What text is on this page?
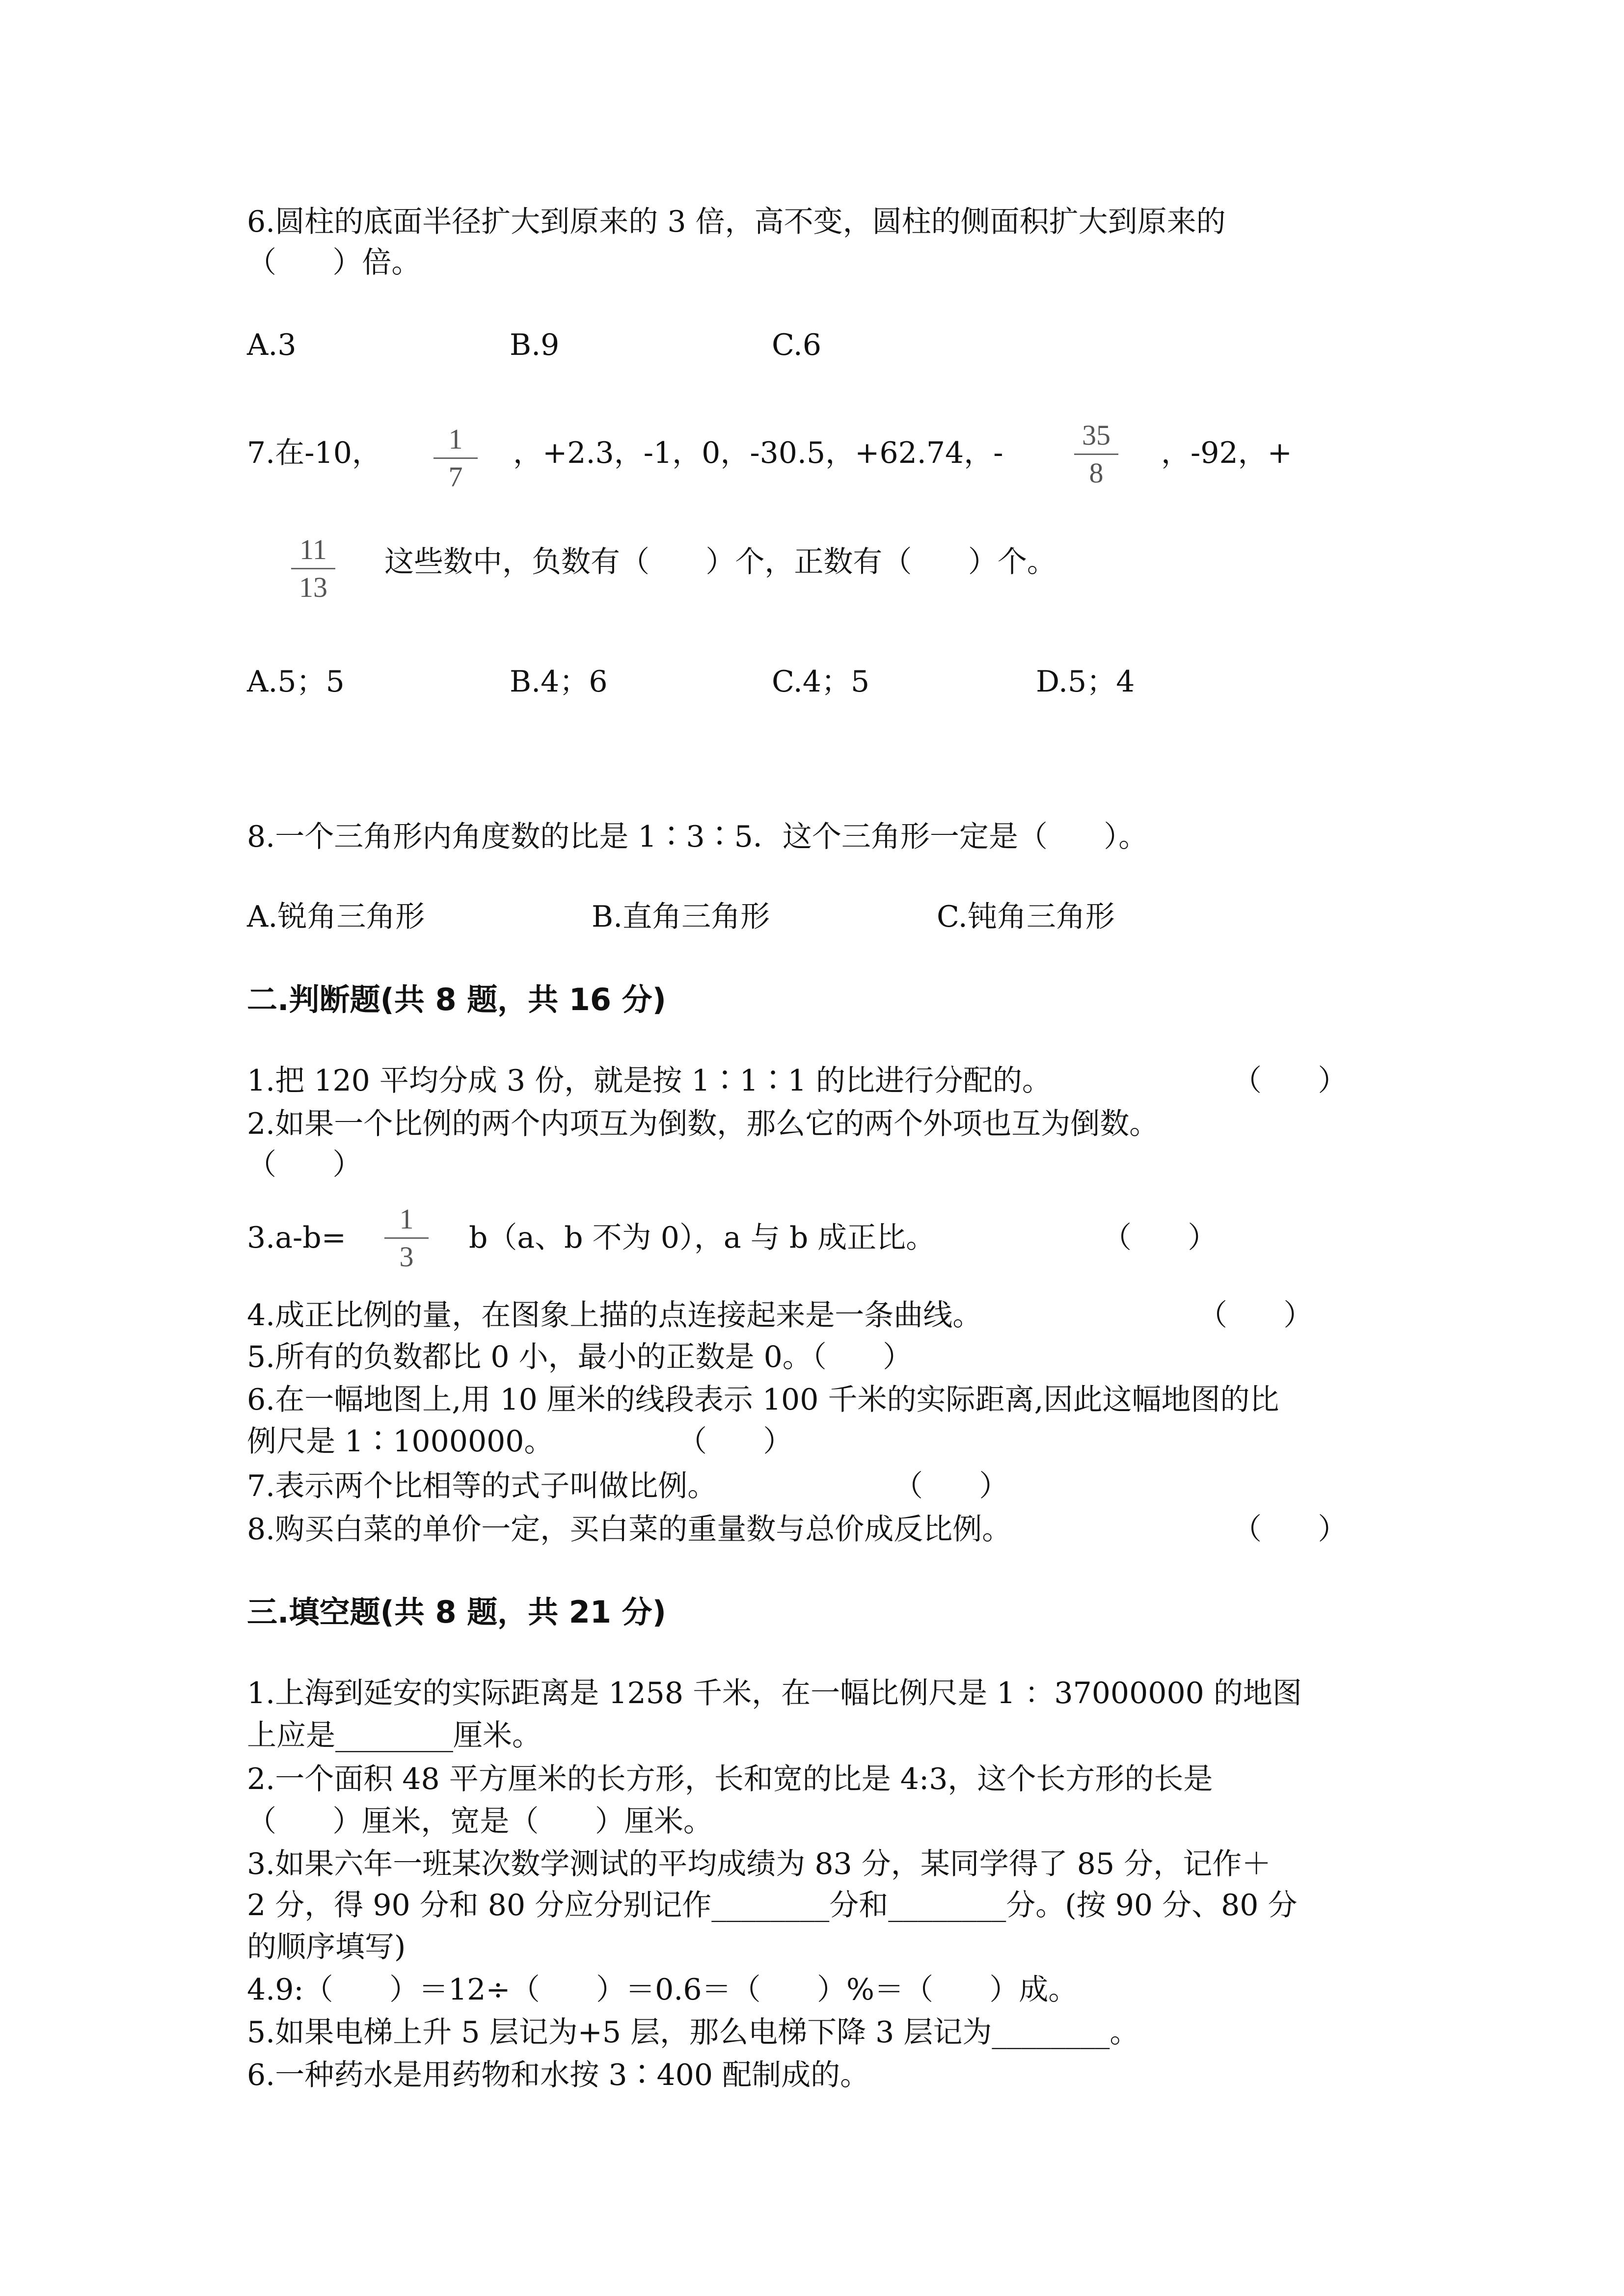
6.圆柱的底面半径扩大到原来的 3 倍，高不变，圆柱的侧面积扩大到原来的
（      ）倍。
A.3	B.9	C.6
7.在-10，	1
7
，+2.3，-1，0，-30.5，+62.74，-
35
8
，-92，+
11
13
这些数中，负数有（      ）个，正数有（      ）个。
A.5；5	B.4；6	C.4；5	D.5；4
8.一个三角形内角度数的比是 1∶3∶5．这个三角形一定是（      ）。
A.锐角三角形	B.直角三角形	C.钝角三角形
二.判断题(共 8 题，共 16 分)
1.把 120 平均分成 3 份，就是按 1∶1∶1 的比进行分配的。	（      ）
2.如果一个比例的两个内项互为倒数，那么它的两个外项也互为倒数。
（      ）
3.a-b=
1
3
b（a、b 不为 0），a 与 b 成正比。	（      ）
4.成正比例的量，在图象上描的点连接起来是一条曲线。	（      ）
5.所有的负数都比 0 小，最小的正数是 0。（      ）
6.在一幅地图上,用 10 厘米的线段表示 100 千米的实际距离,因此这幅地图的比
例尺是 1∶1000000。	（      ）
7.表示两个比相等的式子叫做比例。	（      ）
8.购买白菜的单价一定，买白菜的重量数与总价成反比例。	（      ）
三.填空题(共 8 题，共 21 分)
1.上海到延安的实际距离是 1258 千米，在一幅比例尺是 1 ：37000000 的地图
上应是________厘米。
2.一个面积 48 平方厘米的长方形，长和宽的比是 4:3，这个长方形的长是
（      ）厘米，宽是（      ）厘米。
3.如果六年一班某次数学测试的平均成绩为 83 分，某同学得了 85 分，记作＋
2 分，得 90 分和 80 分应分别记作________分和________分。(按 90 分、80 分
的顺序填写)
4.9:（      ）＝12÷（      ）＝0.6＝（      ）%＝（      ）成。
5.如果电梯上升 5 层记为+5 层，那么电梯下降 3 层记为________。
6.一种药水是用药物和水按 3∶400 配制成的。
